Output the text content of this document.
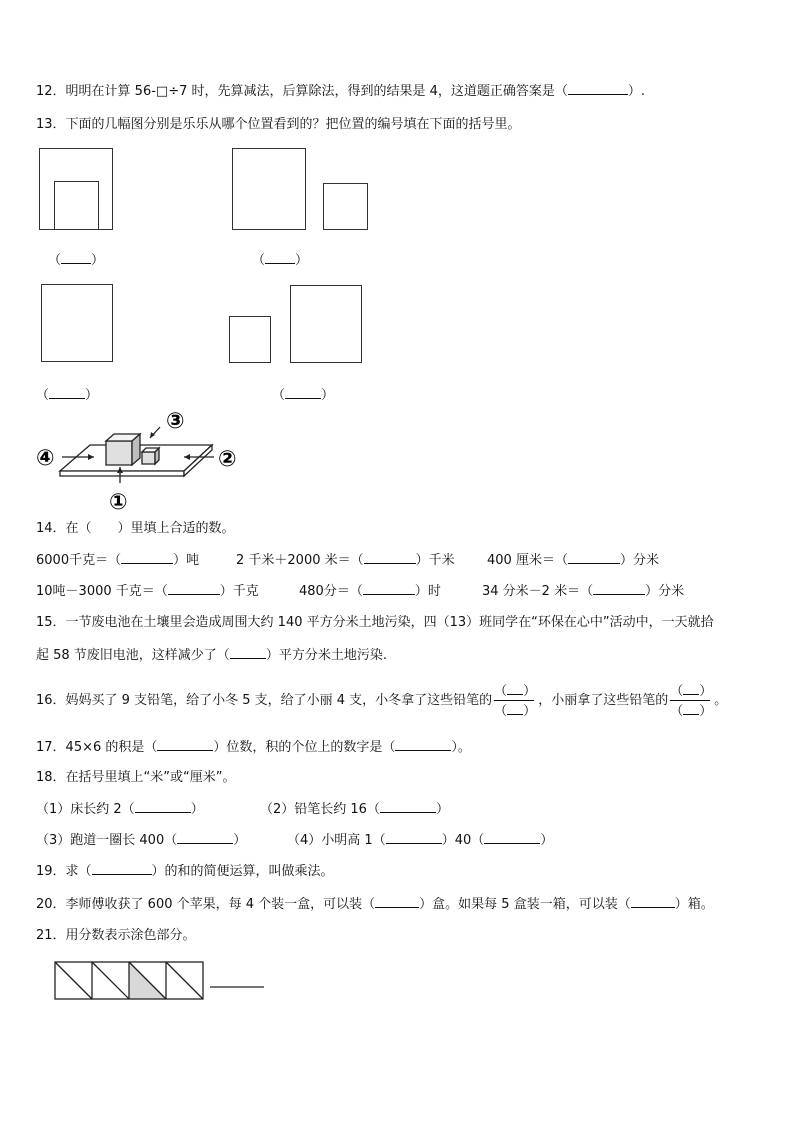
12．明明在计算 56-□÷7 时，先算减法，后算除法，得到的结果是 4，这道题正确答案是（	）.
13．下面的几幅图分别是乐乐从哪个位置看到的？把位置的编号填在下面的括号里。
（ ）	（ ）
（	）	（	）
③
④	②
①
14．在（　　）里填上合适的数。
6000千克＝（	）吨	2 千米＋2000 米＝（	）千米 400 厘米＝（	）分米
10吨－3000 千克＝（	）千克	480分＝（	）时	34 分米－2 米＝（	）分米
15．一节废电池在土壤里会造成周围大约 140 平方分米土地污染，四（13）班同学在“环保在心中”活动中，一天就拾
起 58 节废旧电池，这样减少了（	）平方分米土地污染.
16．妈妈买了 9 支铅笔，给了小冬 5 支，给了小丽 4 支，小冬拿了这些铅笔的（ ）
（ ），小丽拿了这些铅笔的（ ）
（ ）。
17．45×6 的积是（	）位数，积的个位上的数字是（	）。
18．在括号里填上“米”或“厘米”。
（1）床长约 2（	）	（2）铅笔长约 16（	）
（3）跑道一圈长 400（	）	（4）小明高 1（	）40（	）
19．求（	）的和的简便运算，叫做乘法。
20．李师傅收获了 600 个苹果，每 4 个装一盒，可以装（	）盒。如果每 5 盒装一箱，可以装（	）箱。
21．用分数表示涂色部分。
